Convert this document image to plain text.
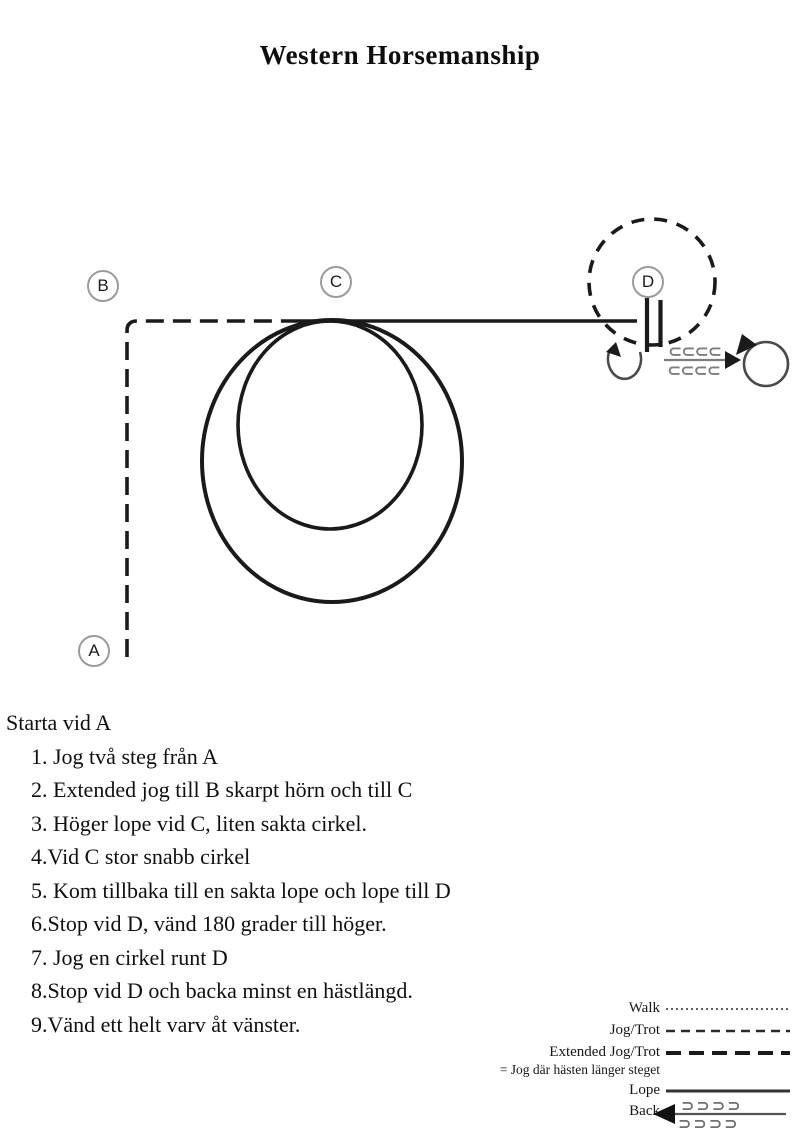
Western Horsemanship
⊂⊂⊂⊂
⊂⊂⊂⊂
⊃⊃⊃⊃
⊃⊃⊃⊃
B	C	D
A
Starta vid A
1. Jog två steg från A
2. Extended jog till B skarpt hörn och till C
3. Höger lope vid C, liten sakta cirkel.
4.Vid C stor snabb cirkel
5. Kom tillbaka till en sakta lope och lope till D
6.Stop vid D, vänd 180 grader till höger.
7. Jog en cirkel runt D
8.Stop vid D och backa minst en hästlängd.
9.Vänd ett helt varv åt vänster.
Walk
Jog/Trot
Extended Jog/Trot
= Jog där hästen länger steget
Lope
Back
